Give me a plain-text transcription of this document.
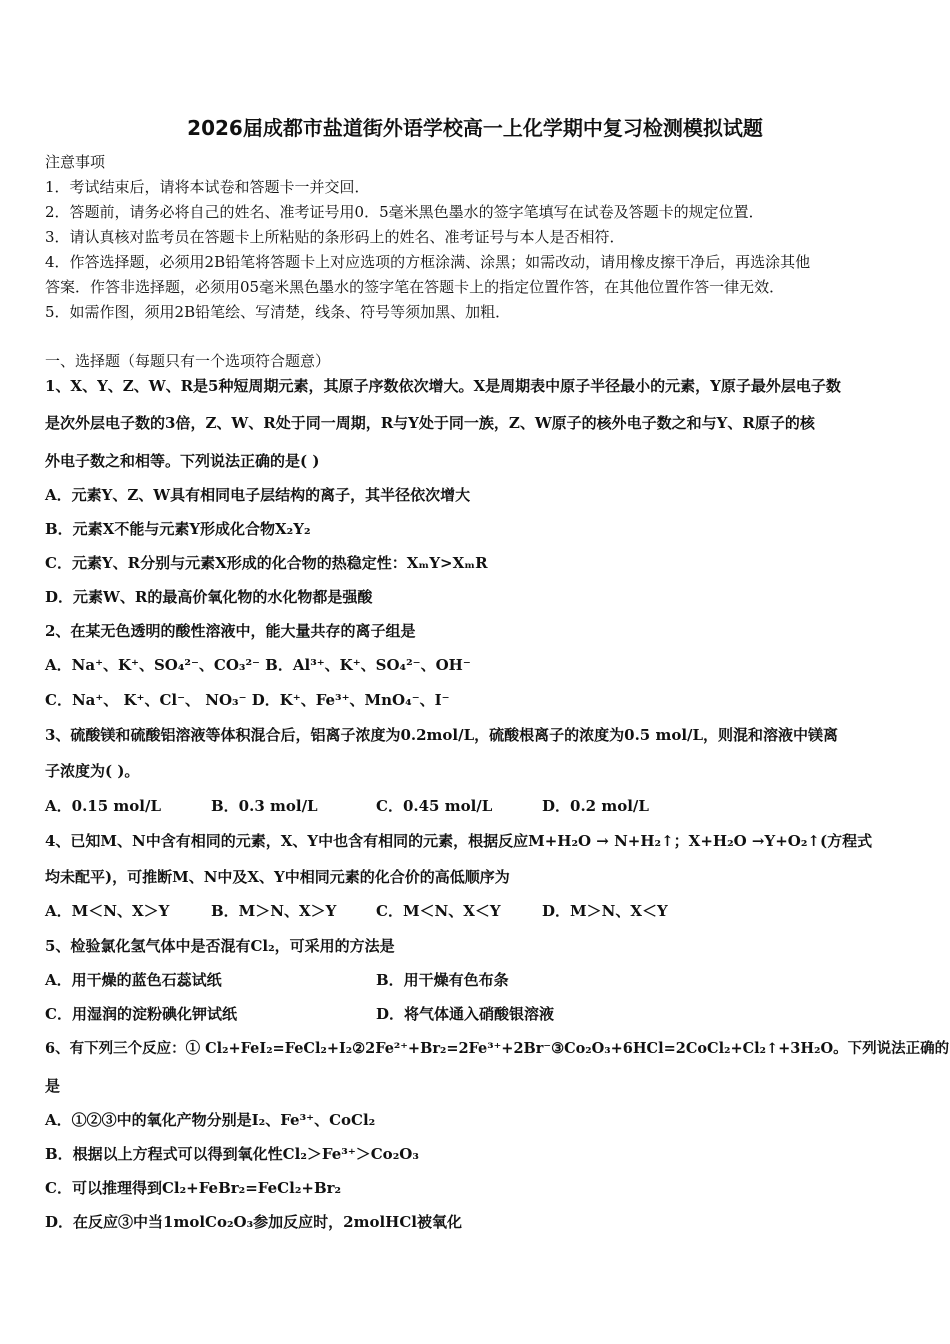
2026届成都市盐道街外语学校高一上化学期中复习检测模拟试题
注意事项
1．考试结束后，请将本试卷和答题卡一并交回．
2．答题前，请务必将自己的姓名、准考证号用0．5毫米黑色墨水的签字笔填写在试卷及答题卡的规定位置．
3．请认真核对监考员在答题卡上所粘贴的条形码上的姓名、准考证号与本人是否相符．
4．作答选择题，必须用2B铅笔将答题卡上对应选项的方框涂满、涂黑；如需改动，请用橡皮擦干净后，再选涂其他
答案．作答非选择题，必须用05毫米黑色墨水的签字笔在答题卡上的指定位置作答，在其他位置作答一律无效．
5．如需作图，须用2B铅笔绘、写清楚，线条、符号等须加黑、加粗．
一、选择题（每题只有一个选项符合题意）
1、X、Y、Z、W、R是5种短周期元素，其原子序数依次增大。X是周期表中原子半径最小的元素，Y原子最外层电子数
是次外层电子数的3倍，Z、W、R处于同一周期，R与Y处于同一族，Z、W原子的核外电子数之和与Y、R原子的核
外电子数之和相等。下列说法正确的是( )
A．元素Y、Z、W具有相同电子层结构的离子，其半径依次增大
B．元素X不能与元素Y形成化合物X₂Y₂
C．元素Y、R分别与元素X形成的化合物的热稳定性：XₘY>XₘR
D．元素W、R的最高价氧化物的水化物都是强酸
2、在某无色透明的酸性溶液中，能大量共存的离子组是
A．Na⁺、K⁺、SO₄²⁻、CO₃²⁻ B．Al³⁺、K⁺、SO₄²⁻、OH⁻
C．Na⁺、 K⁺、Cl⁻、 NO₃⁻ D．K⁺、Fe³⁺、MnO₄⁻、I⁻
3、硫酸镁和硫酸铝溶液等体积混合后，铝离子浓度为0.2mol/L，硫酸根离子的浓度为0.5 mol/L，则混和溶液中镁离
子浓度为( )。
A．0.15 mol/L	B．0.3 mol/L	C．0.45 mol/L	D．0.2 mol/L
4、已知M、N中含有相同的元素，X、Y中也含有相同的元素，根据反应M+H₂O → N+H₂↑；X+H₂O →Y+O₂↑(方程式
均未配平)，可推断M、N中及X、Y中相同元素的化合价的高低顺序为
A．M＜N、X＞Y	B．M＞N、X＞Y	C．M＜N、X＜Y	D．M＞N、X＜Y
5、检验氯化氢气体中是否混有Cl₂，可采用的方法是
A．用干燥的蓝色石蕊试纸	B．用干燥有色布条
C．用湿润的淀粉碘化钾试纸	D．将气体通入硝酸银溶液
6、有下列三个反应：① Cl₂+FeI₂=FeCl₂+I₂②2Fe²⁺+Br₂=2Fe³⁺+2Br⁻③Co₂O₃+6HCl=2CoCl₂+Cl₂↑+3H₂O。下列说法正确的
是
A．①②③中的氧化产物分别是I₂、Fe³⁺、CoCl₂
B．根据以上方程式可以得到氧化性Cl₂＞Fe³⁺＞Co₂O₃
C．可以推理得到Cl₂+FeBr₂=FeCl₂+Br₂
D．在反应③中当1molCo₂O₃参加反应时，2molHCl被氧化
